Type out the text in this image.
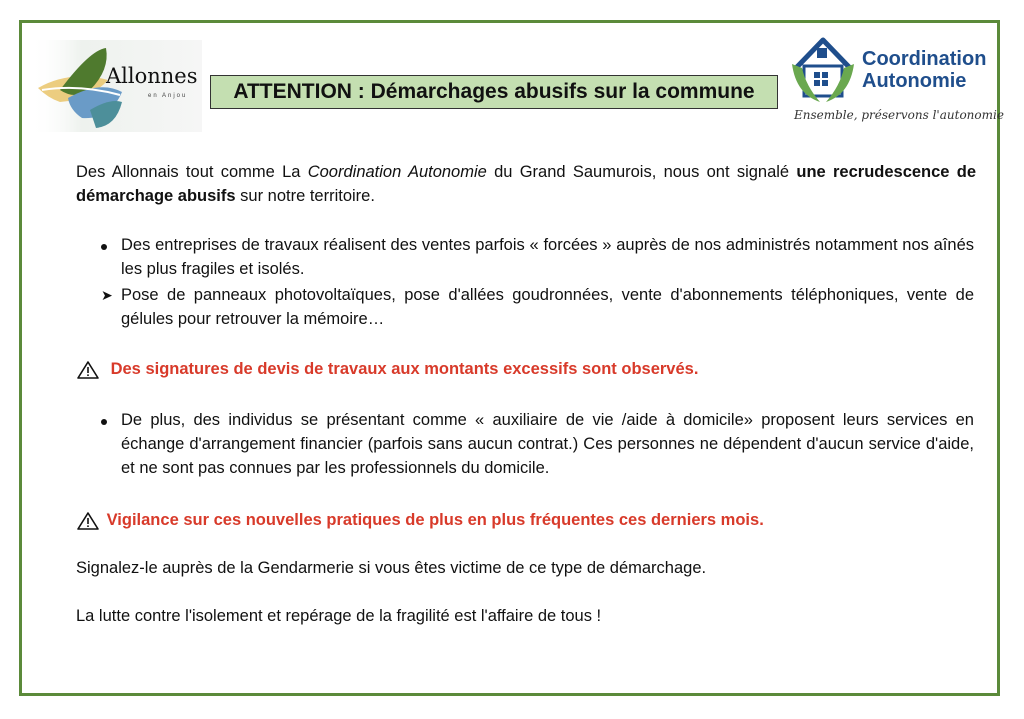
Allonnes
en Anjou	ATTENTION : Démarchages abusifs sur la commune
Coordination
Autonomie
Ensemble, préservons l'autonomie
Des Allonnais tout comme La Coordination Autonomie du Grand Saumurois, nous ont signalé une recrudescence de démarchage abusifs sur notre territoire.
Des entreprises de travaux réalisent des ventes parfois « forcées » auprès de nos administrés notamment nos aînés les plus fragiles et isolés.
➤ Pose de panneaux photovoltaïques, pose d'allées goudronnées, vente d'abonnements téléphoniques, vente de gélules pour retrouver la mémoire…
Des signatures de devis de travaux aux montants excessifs sont observés.
De plus, des individus se présentant comme « auxiliaire de vie /aide à domicile» proposent leurs services en échange d'arrangement financier (parfois sans aucun contrat.) Ces personnes ne dépendent d'aucun service d'aide, et ne sont pas connues par les professionnels du domicile.
Vigilance sur ces nouvelles pratiques de plus en plus fréquentes ces derniers mois.
Signalez-le auprès de la Gendarmerie si vous êtes victime de ce type de démarchage.
La lutte contre l'isolement et repérage de la fragilité est l'affaire de tous !
